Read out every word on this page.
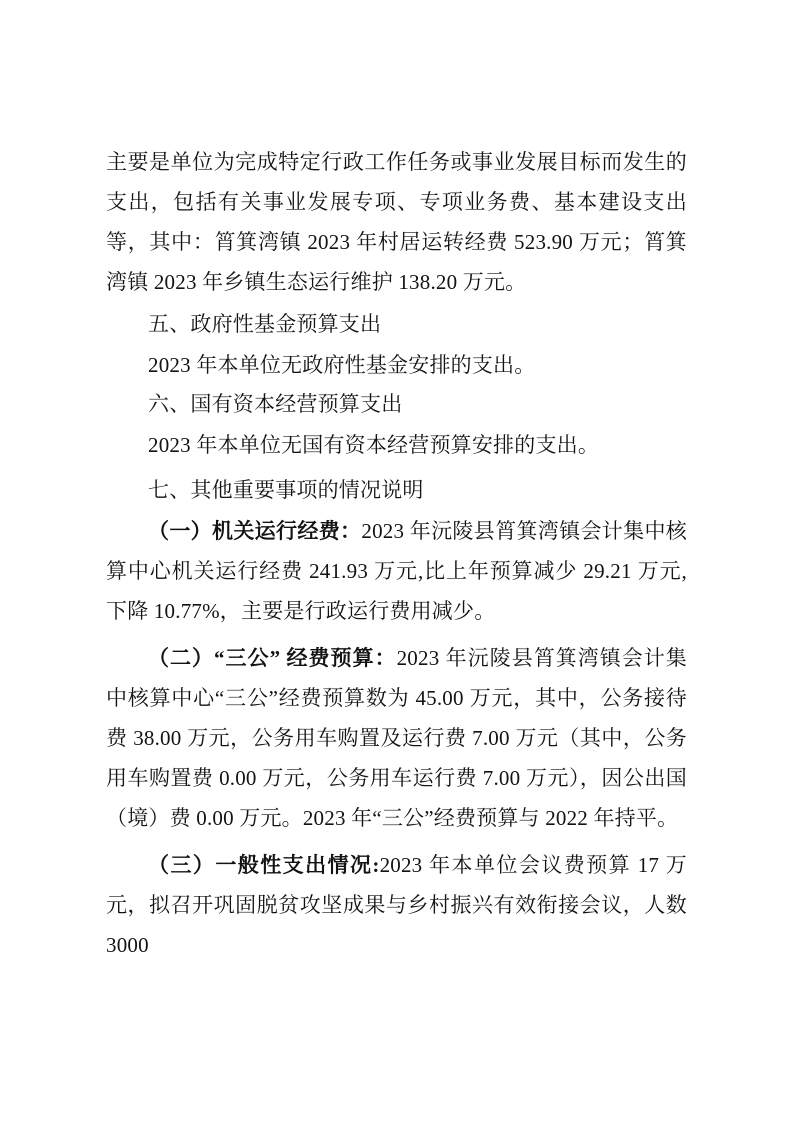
主要是单位为完成特定行政工作任务或事业发展目标而发生的支出，包括有关事业发展专项、专项业务费、基本建设支出等，其中：筲箕湾镇 2023 年村居运转经费 523.90 万元；筲箕湾镇 2023 年乡镇生态运行维护 138.20 万元。

五、政府性基金预算支出

2023 年本单位无政府性基金安排的支出。

六、国有资本经营预算支出

2023 年本单位无国有资本经营预算安排的支出。

七、其他重要事项的情况说明

（一）机关运行经费：2023 年沅陵县筲箕湾镇会计集中核算中心机关运行经费 241.93 万元,比上年预算减少 29.21 万元,下降 10.77%，主要是行政运行费用减少。

（二）“三公” 经费预算：2023 年沅陵县筲箕湾镇会计集中核算中心“三公”经费预算数为 45.00 万元，其中，公务接待费 38.00 万元，公务用车购置及运行费 7.00 万元（其中，公务用车购置费 0.00 万元，公务用车运行费 7.00 万元），因公出国（境）费 0.00 万元。2023 年“三公”经费预算与 2022 年持平。

（三）一般性支出情况:2023 年本单位会议费预算 17 万元，拟召开巩固脱贫攻坚成果与乡村振兴有效衔接会议，人数 3000
